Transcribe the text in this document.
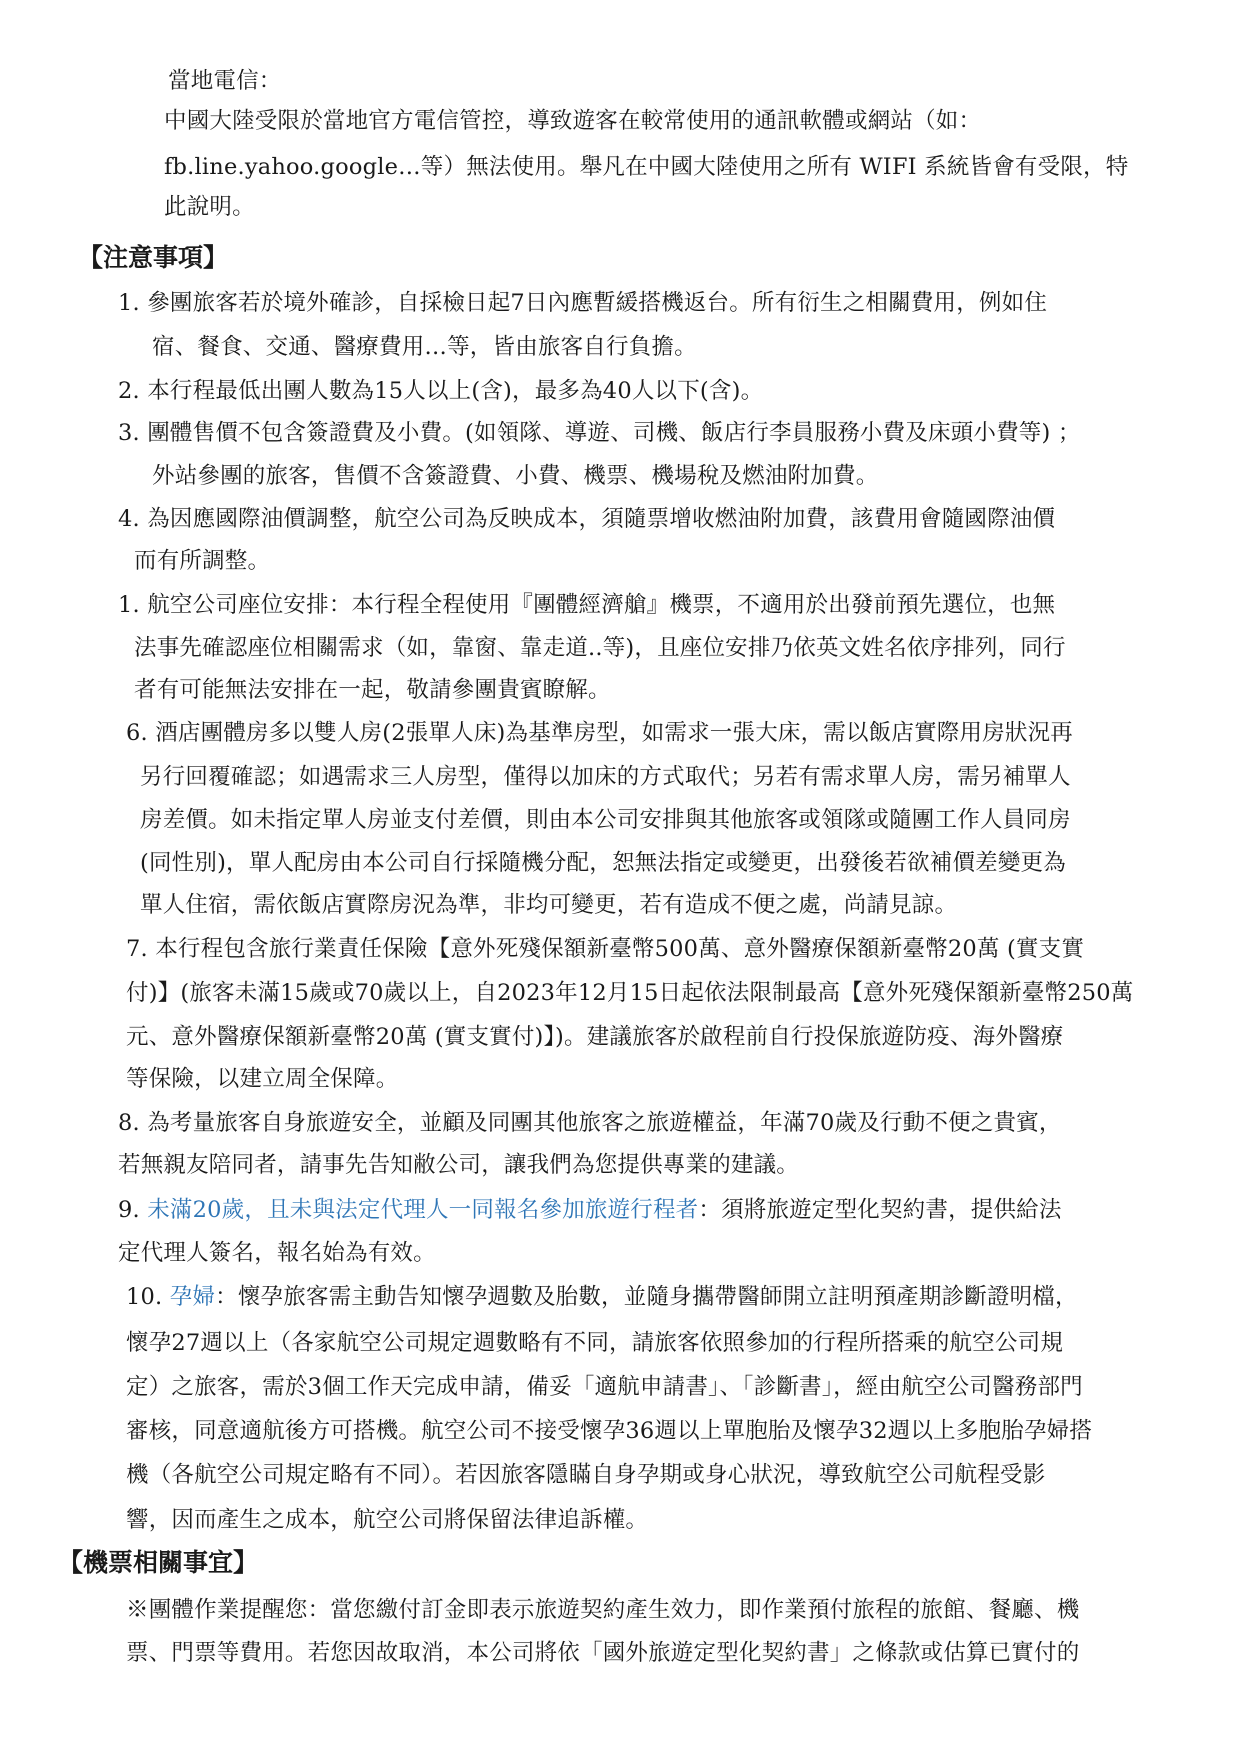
當地電信：
中國大陸受限於當地官方電信管控，導致遊客在較常使用的通訊軟體或網站（如：
fb.line.yahoo.google…等）無法使用。舉凡在中國大陸使用之所有 WIFI 系統皆會有受限，特
此說明。
【注意事項】
1. 參團旅客若於境外確診，自採檢日起7日內應暫緩搭機返台。所有衍生之相關費用，例如住
宿、餐食、交通、醫療費用…等，皆由旅客自行負擔。
2. 本行程最低出團人數為15人以上(含)，最多為40人以下(含)。
3. 團體售價不包含簽證費及小費。(如領隊、導遊、司機、飯店行李員服務小費及床頭小費等) ；
外站參團的旅客，售價不含簽證費、小費、機票、機場稅及燃油附加費。
4. 為因應國際油價調整，航空公司為反映成本，須隨票增收燃油附加費，該費用會隨國際油價
而有所調整。
1. 航空公司座位安排：本行程全程使用『團體經濟艙』機票，不適用於出發前預先選位，也無
法事先確認座位相關需求（如，靠窗、靠走道..等)，且座位安排乃依英文姓名依序排列，同行
者有可能無法安排在一起，敬請參團貴賓瞭解。
6. 酒店團體房多以雙人房(2張單人床)為基準房型，如需求一張大床，需以飯店實際用房狀況再
另行回覆確認；如遇需求三人房型，僅得以加床的方式取代；另若有需求單人房，需另補單人
房差價。如未指定單人房並支付差價，則由本公司安排與其他旅客或領隊或隨團工作人員同房
(同性別)，單人配房由本公司自行採隨機分配，恕無法指定或變更，出發後若欲補價差變更為
單人住宿，需依飯店實際房況為準，非均可變更，若有造成不便之處，尚請見諒。
7. 本行程包含旅行業責任保險【意外死殘保額新臺幣500萬、意外醫療保額新臺幣20萬 (實支實
付)】(旅客未滿15歲或70歲以上，自2023年12月15日起依法限制最高【意外死殘保額新臺幣250萬
元、意外醫療保額新臺幣20萬 (實支實付)】)。建議旅客於啟程前自行投保旅遊防疫、海外醫療
等保險，以建立周全保障。
8. 為考量旅客自身旅遊安全，並顧及同團其他旅客之旅遊權益，年滿70歲及行動不便之貴賓，
若無親友陪同者，請事先告知敝公司，讓我們為您提供專業的建議。
9. 未滿20歲，且未與法定代理人一同報名參加旅遊行程者：須將旅遊定型化契約書，提供給法
定代理人簽名，報名始為有效。
10. 孕婦：懷孕旅客需主動告知懷孕週數及胎數，並隨身攜帶醫師開立註明預產期診斷證明檔，
懷孕27週以上（各家航空公司規定週數略有不同，請旅客依照參加的行程所搭乘的航空公司規
定）之旅客，需於3個工作天完成申請，備妥「適航申請書」、「診斷書」，經由航空公司醫務部門
審核，同意適航後方可搭機。航空公司不接受懷孕36週以上單胞胎及懷孕32週以上多胞胎孕婦搭
機（各航空公司規定略有不同）。若因旅客隱瞞自身孕期或身心狀況，導致航空公司航程受影
響，因而產生之成本，航空公司將保留法律追訴權。
【機票相關事宜】
※團體作業提醒您：當您繳付訂金即表示旅遊契約產生效力，即作業預付旅程的旅館、餐廳、機
票、門票等費用。若您因故取消，本公司將依「國外旅遊定型化契約書」之條款或估算已實付的
